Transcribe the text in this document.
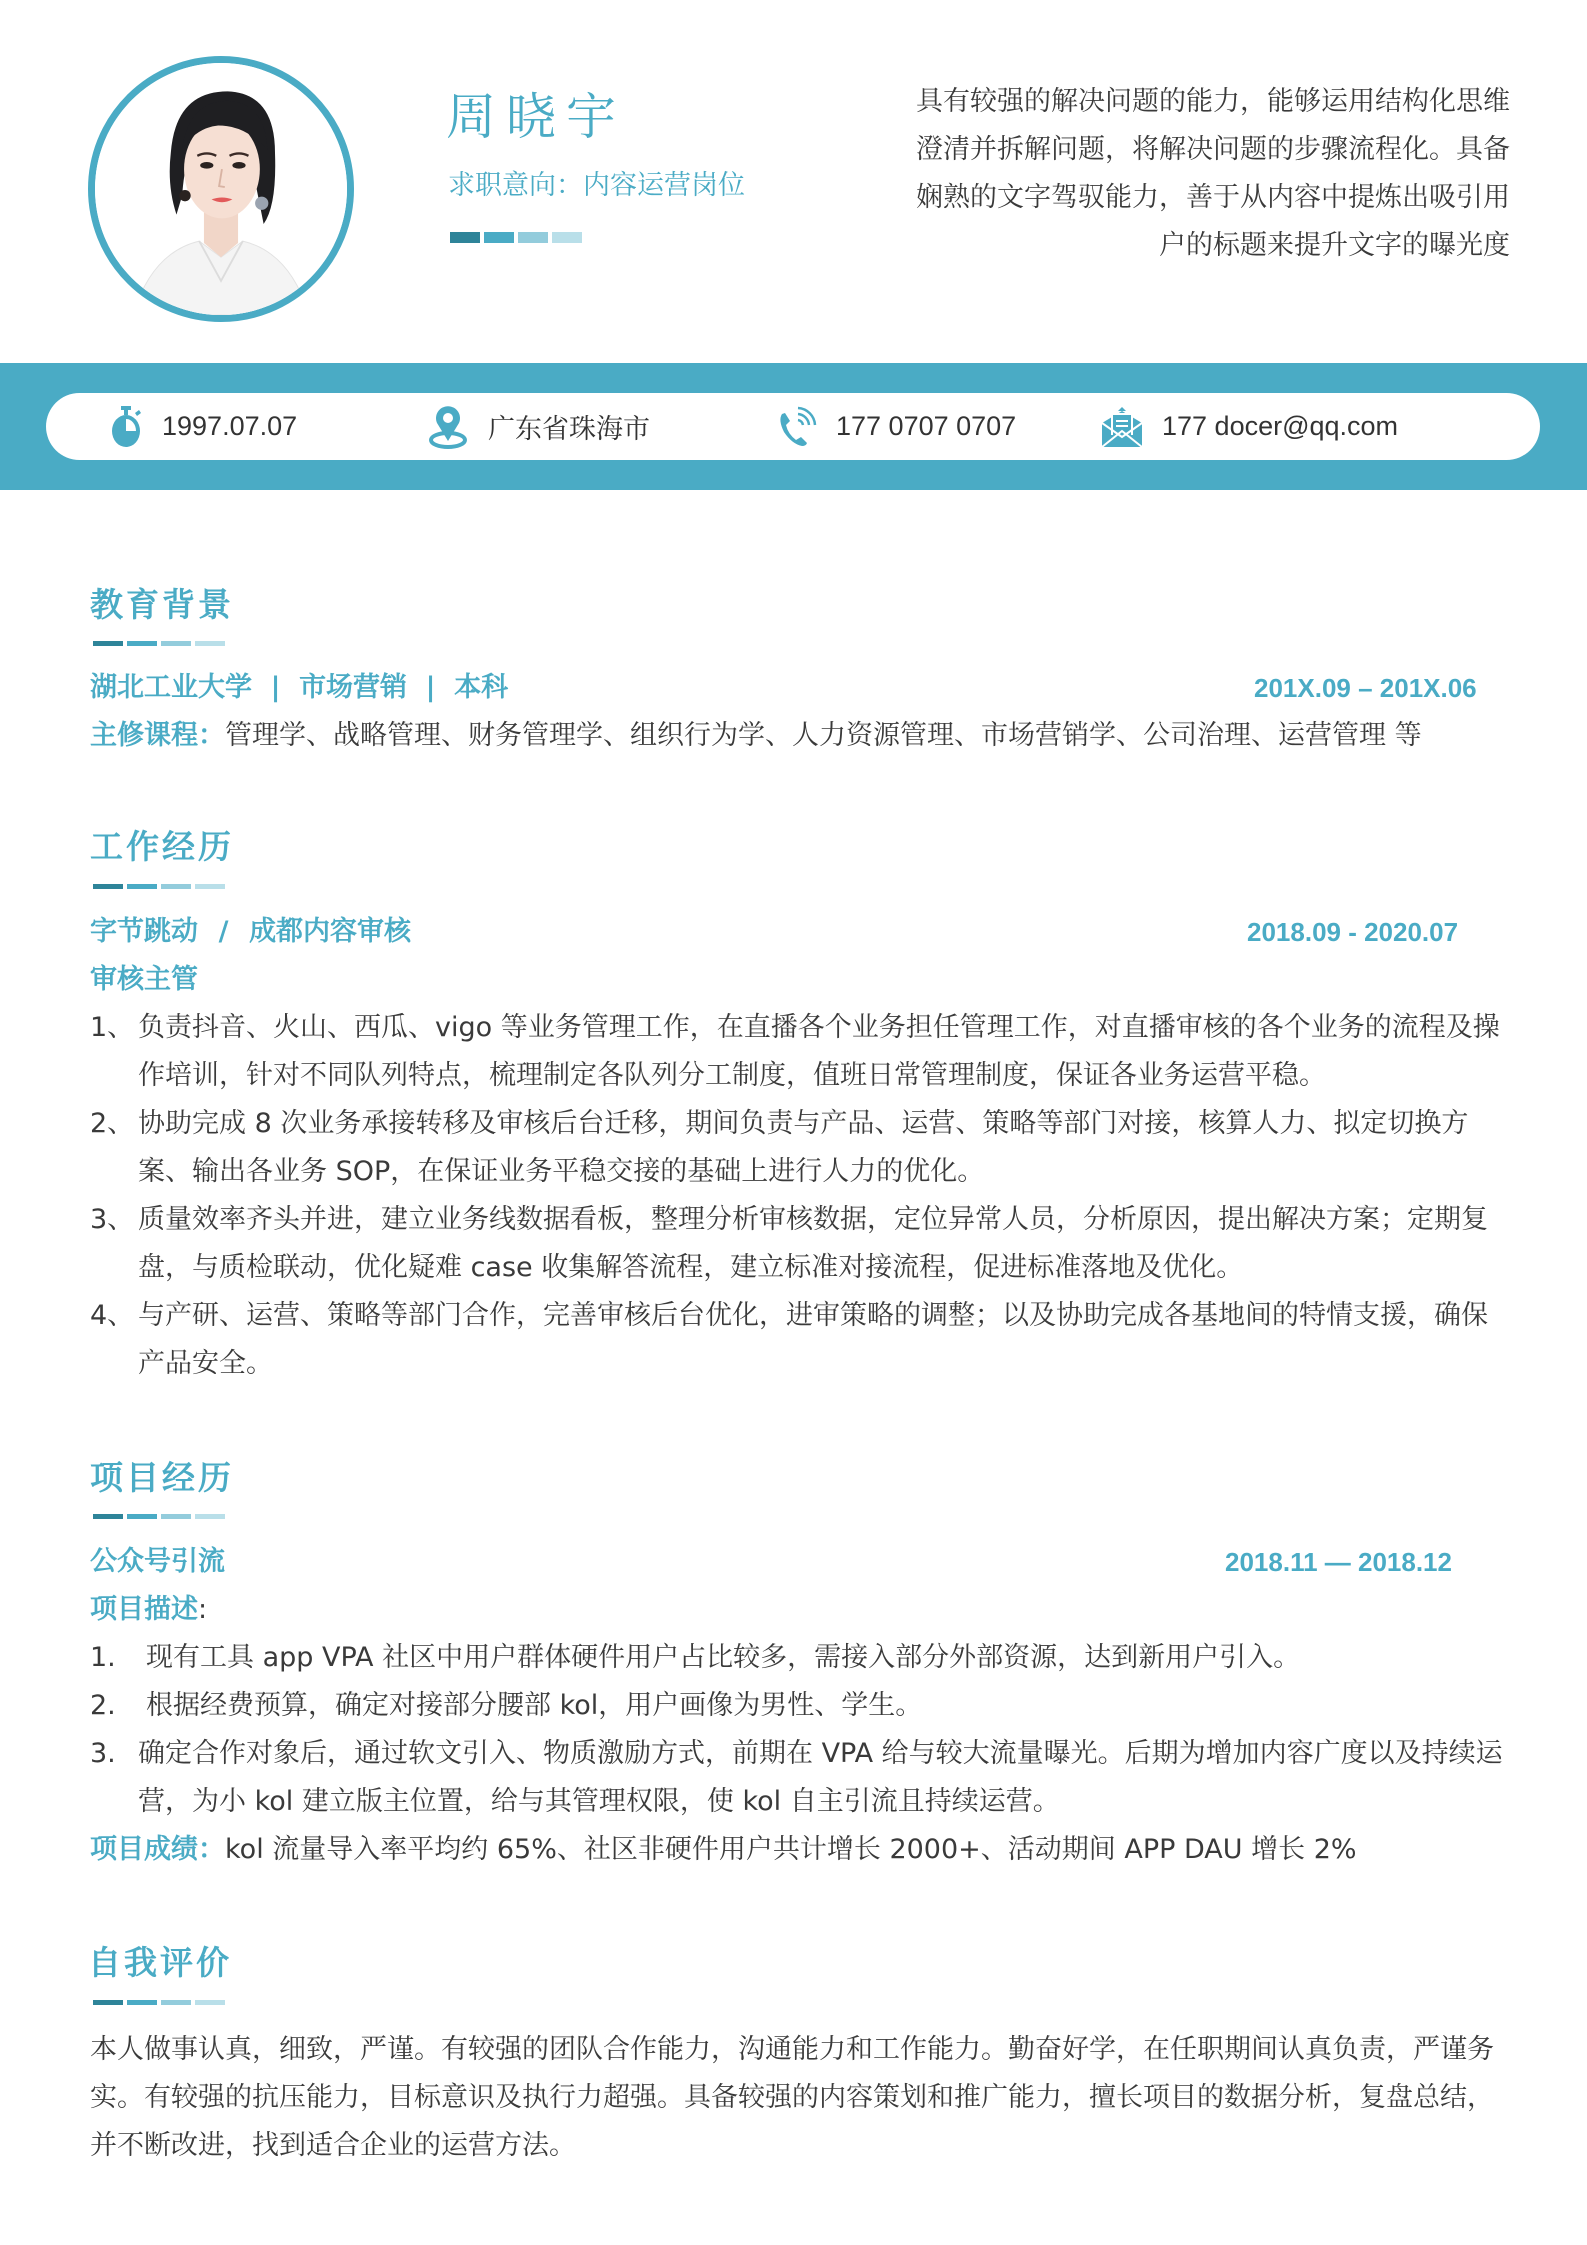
周晓宇
求职意向：内容运营岗位
具有较强的解决问题的能力，能够运用结构化思维
澄清并拆解问题，将解决问题的步骤流程化。具备
娴熟的文字驾驭能力，善于从内容中提炼出吸引用
户的标题来提升文字的曝光度
1997.07.07	广东省珠海市	177 0707 0707	177 docer@qq.com
教育背景
湖北工业大学 | 市场营销 | 本科	201X.09 – 201X.06
主修课程：管理学、战略管理、财务管理学、组织行为学、人力资源管理、市场营销学、公司治理、运营管理 等
工作经历
字节跳动 / 成都内容审核	2018.09 - 2020.07
审核主管
1、 负责抖音、火山、西瓜、vigo 等业务管理工作，在直播各个业务担任管理工作，对直播审核的各个业务的流程及操作培训，针对不同队列特点，梳理制定各队列分工制度，值班日常管理制度，保证各业务运营平稳。
2、 协助完成 8 次业务承接转移及审核后台迁移，期间负责与产品、运营、策略等部门对接，核算人力、拟定切换方案、输出各业务 SOP，在保证业务平稳交接的基础上进行人力的优化。
3、 质量效率齐头并进，建立业务线数据看板，整理分析审核数据，定位异常人员，分析原因，提出解决方案；定期复盘，与质检联动，优化疑难 case 收集解答流程，建立标准对接流程，促进标准落地及优化。
4、 与产研、运营、策略等部门合作，完善审核后台优化，进审策略的调整；以及协助完成各基地间的特情支援，确保产品安全。
项目经历
公众号引流	2018.11 — 2018.12
项目描述:
1. 现有工具 app VPA 社区中用户群体硬件用户占比较多，需接入部分外部资源，达到新用户引入。
2. 根据经费预算，确定对接部分腰部 kol，用户画像为男性、学生。
3. 确定合作对象后，通过软文引入、物质激励方式，前期在 VPA 给与较大流量曝光。后期为增加内容广度以及持续运营，为小 kol 建立版主位置，给与其管理权限，使 kol 自主引流且持续运营。
项目成绩：kol 流量导入率平均约 65%、社区非硬件用户共计增长 2000+、活动期间 APP DAU 增长 2%
自我评价
本人做事认真，细致，严谨。有较强的团队合作能力，沟通能力和工作能力。勤奋好学，在任职期间认真负责，严谨务实。有较强的抗压能力，目标意识及执行力超强。具备较强的内容策划和推广能力，擅长项目的数据分析，复盘总结，并不断改进，找到适合企业的运营方法。
